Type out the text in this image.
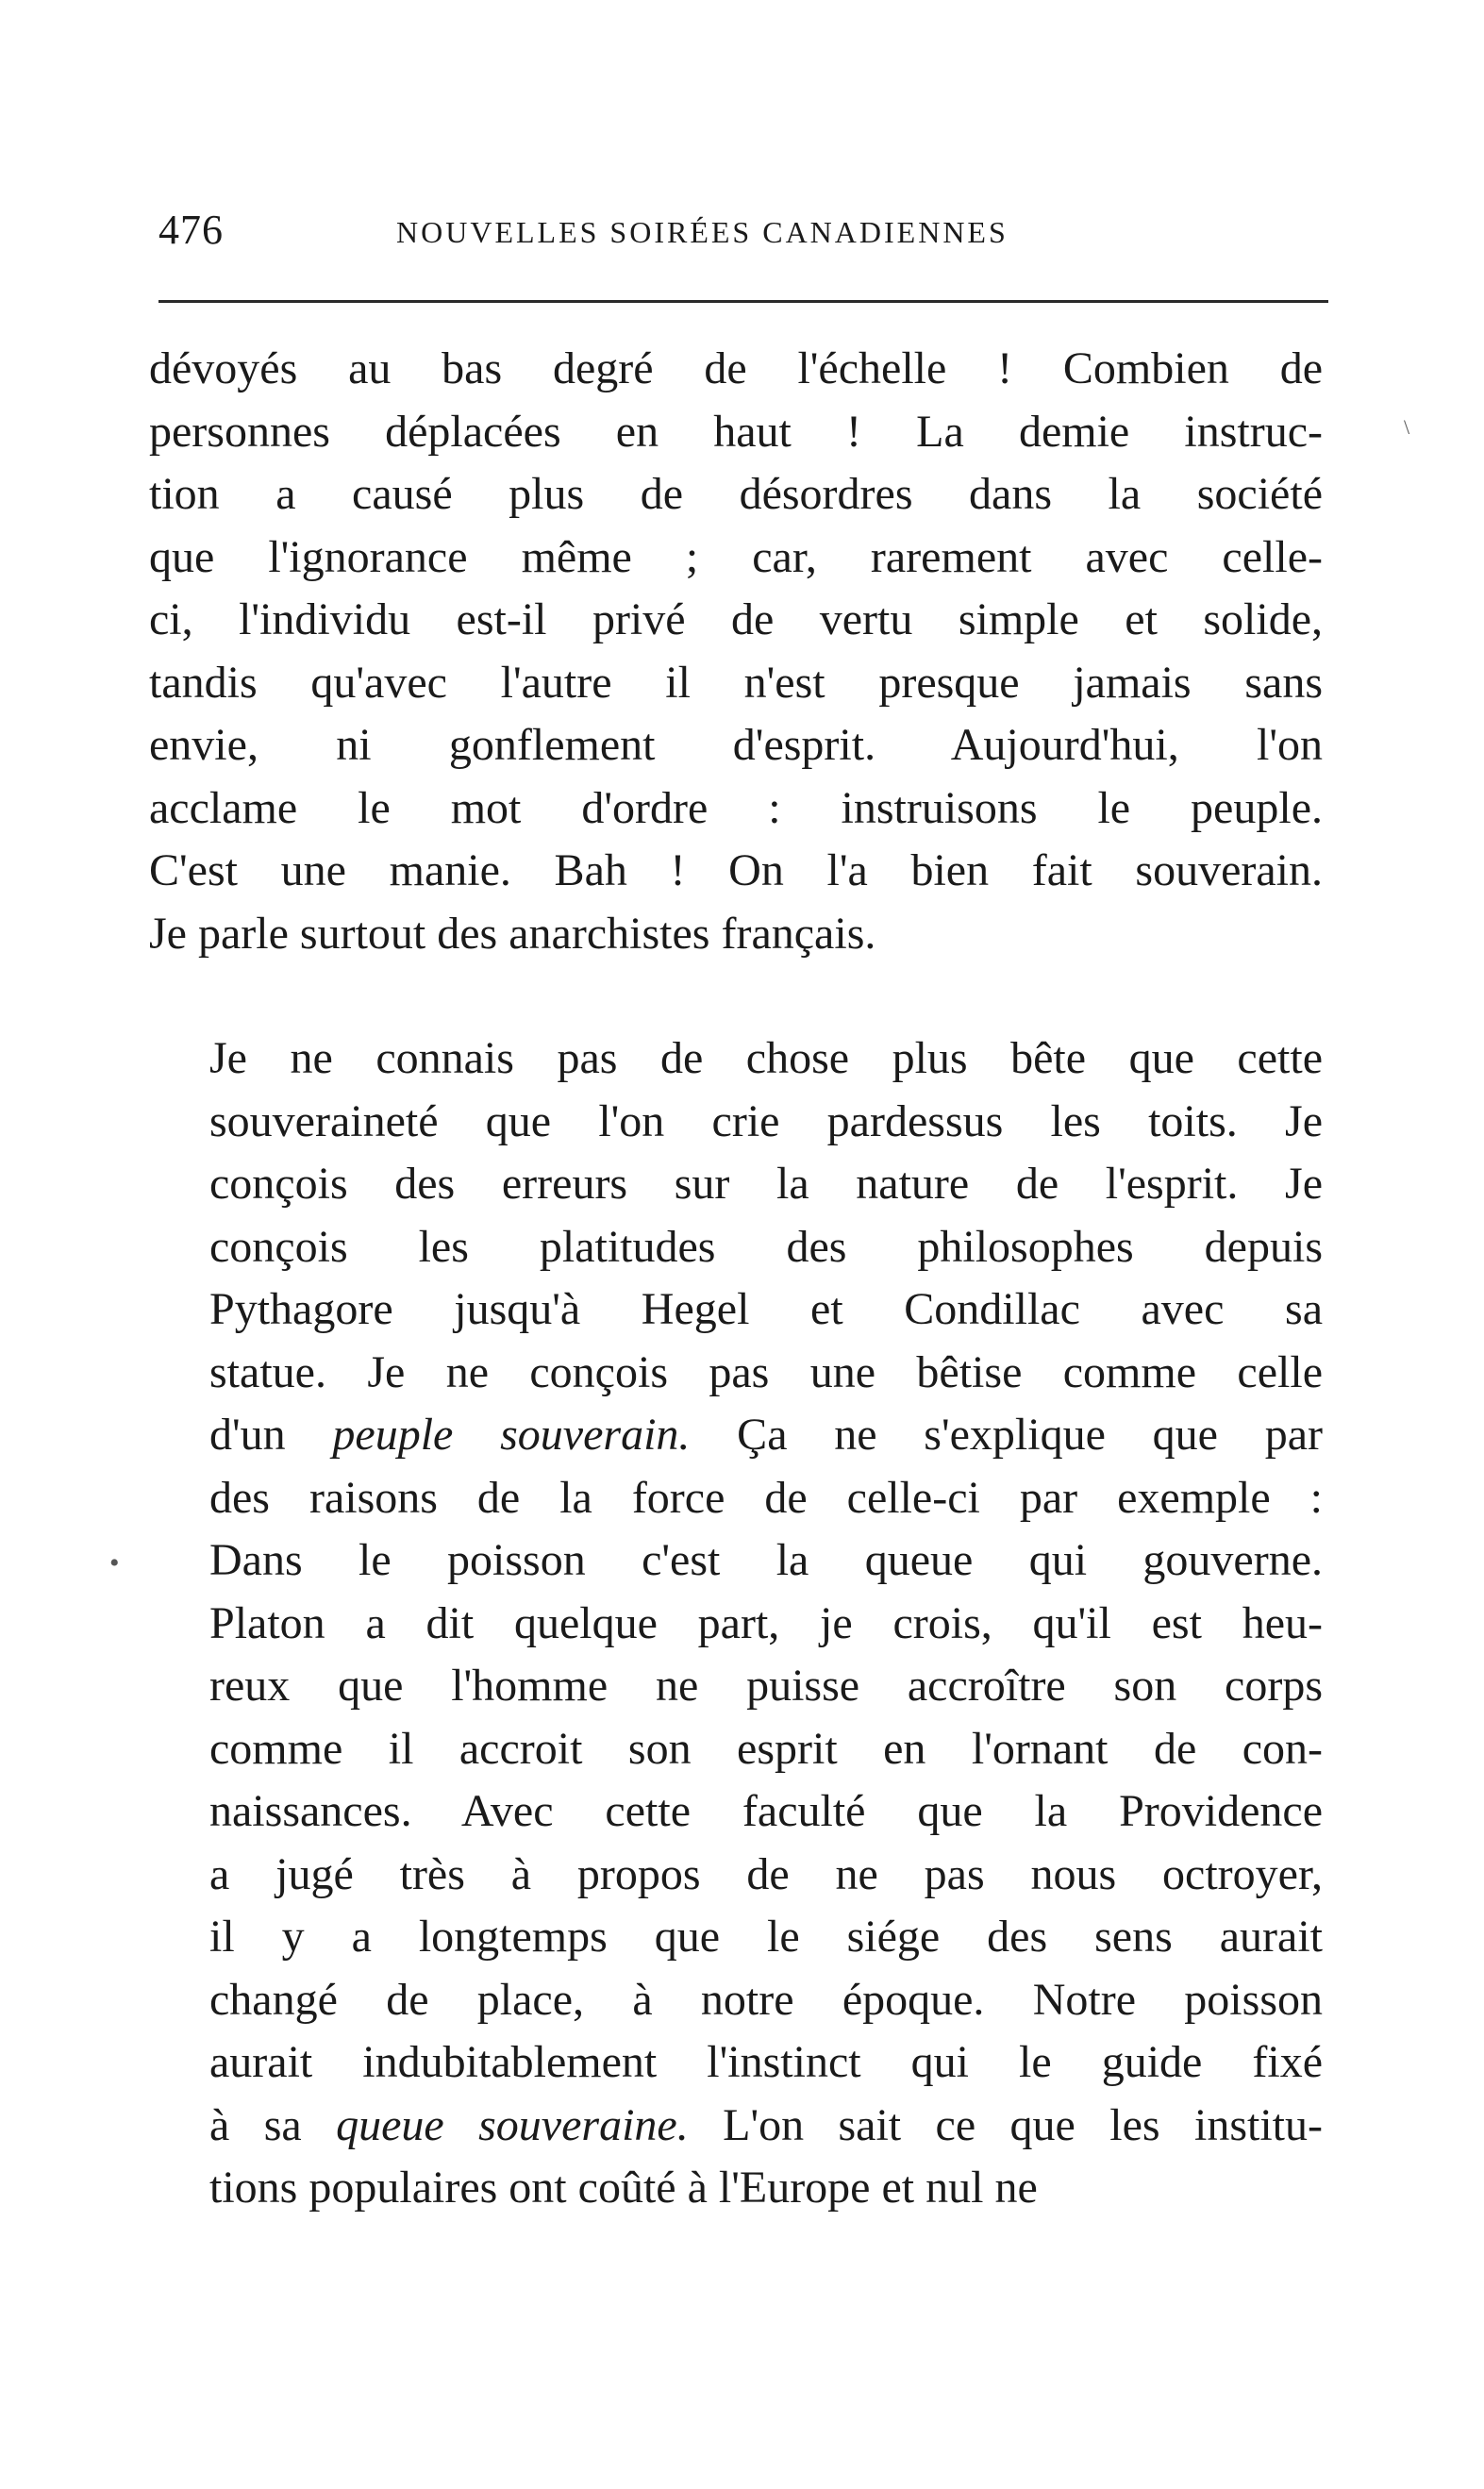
476	NOUVELLES SOIRÉES CANADIENNES
dévoyés au bas degré de l'échelle ! Combien de
personnes déplacées en haut ! La demie instruc-
tion a causé plus de désordres dans la société
que l'ignorance même ; car, rarement avec celle-
ci, l'individu est-il privé de vertu simple et solide,
tandis qu'avec l'autre il n'est presque jamais sans
envie, ni gonflement d'esprit. Aujourd'hui, l'on
acclame le mot d'ordre : instruisons le peuple.
C'est une manie. Bah ! On l'a bien fait souverain.
Je parle surtout des anarchistes français.
Je ne connais pas de chose plus bête que cette
souveraineté que l'on crie pardessus les toits. Je
conçois des erreurs sur la nature de l'esprit. Je
conçois les platitudes des philosophes depuis
Pythagore jusqu'à Hegel et Condillac avec sa
statue. Je ne conçois pas une bêtise comme celle
d'un peuple souverain. Ça ne s'explique que par
des raisons de la force de celle-ci par exemple :
Dans le poisson c'est la queue qui gouverne.
Platon a dit quelque part, je crois, qu'il est heu-
reux que l'homme ne puisse accroître son corps
comme il accroit son esprit en l'ornant de con-
naissances. Avec cette faculté que la Providence
a jugé très à propos de ne pas nous octroyer,
il y a longtemps que le siége des sens aurait
changé de place, à notre époque. Notre poisson
aurait indubitablement l'instinct qui le guide fixé
à sa queue souveraine. L'on sait ce que les institu-
tions populaires ont coûté à l'Europe et nul ne
\
•
